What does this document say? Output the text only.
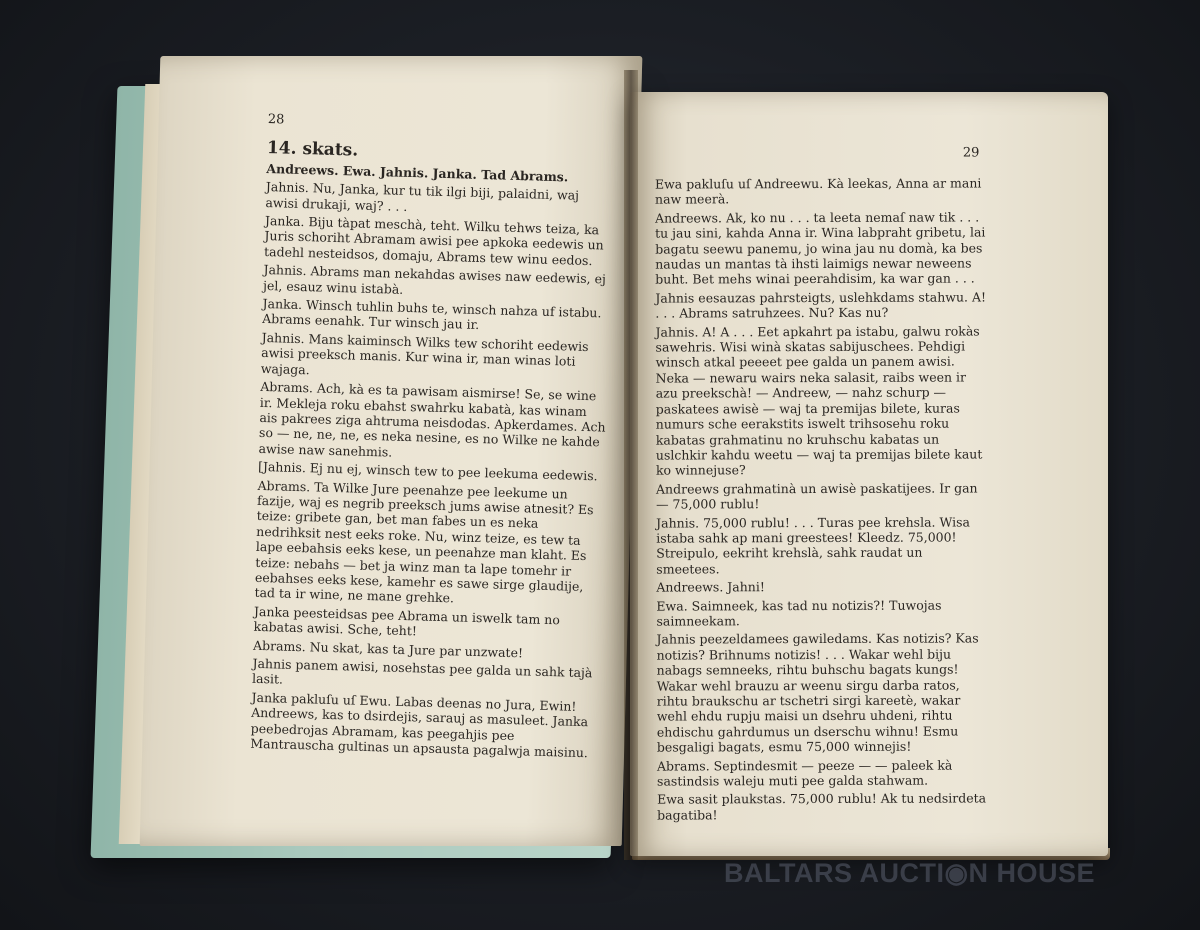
28
14. skats.

Andreews. Ewa. Jahnis. Janka. Tad Abrams.

Jahnis. Nu, Janka, kur tu tik ilgi biji, palaidni, waj awisi drukaji, waj? . . .

Janka. Biju tàpat meschà, teht. Wilku tehws teiza, ka Juris schoriht Abramam awisi pee apkoka eedewis un tadehl nesteidsos, domaju, Abrams tew winu eedos.

Jahnis. Abrams man nekahdas awises naw eedewis, ej jel, esauz winu istabà.

Janka. Winsch tuhlin buhs te, winsch nahza uf istabu. Abrams eenahk. Tur winsch jau ir.

Jahnis. Mans kaiminsch Wilks tew schoriht eedewis awisi preeksch manis. Kur wina ir, man winas loti wajaga.

Abrams. Ach, kà es ta pawisam aismirse! Se, se wine ir. Mekleja roku ebahst swahrku kabatà, kas winam ais pakrees ziga ahtruma neisdodas. Apkerdames. Ach so — ne, ne, ne, es neka nesine, es no Wilke ne kahde awise naw sanehmis.

[Jahnis. Ej nu ej, winsch tew to pee leekuma eedewis.

Abrams. Ta Wilke Jure peenahze pee leekume un fazije, waj es negrib preeksch jums awise atnesit? Es teize: gribete gan, bet man fabes un es neka nedrihksit nest eeks roke. Nu, winz teize, es tew ta lape eebahsis eeks kese, un peenahze man klaht. Es teize: nebahs — bet ja winz man ta lape tomehr ir eebahses eeks kese, kamehr es sawe sirge glaudije, tad ta ir wine, ne mane grehke.

Janka peesteidsas pee Abrama un iswelk tam no kabatas awisi. Sche, teht!

Abrams. Nu skat, kas ta Jure par unzwate!

Jahnis panem awisi, nosehstas pee galda un sahk tajà lasit.

Janka pakluſu uſ Ewu. Labas deenas no Jura, Ewin! Andreews, kas to dsirdejis, sarauj as masuleet. Janka peebedrojas Abramam, kas peegahjis pee Mantrauscha gultinas un apsausta pagalwja maisinu.

29

Ewa pakluſu uſ Andreewu. Kà leekas, Anna ar mani naw meerà.

Andreews. Ak, ko nu . . . ta leeta nemaſ naw tik . . . tu jau sini, kahda Anna ir. Wina labpraht gribetu, lai bagatu seewu panemu, jo wina jau nu domà, ka bes naudas un mantas tà ihsti laimigs newar neweens buht. Bet mehs winai peerahdisim, ka war gan . . .

Jahnis eesauzas pahrsteigts, uslehkdams stahwu. A! . . . Abrams satruhzees. Nu? Kas nu?

Jahnis. A! A . . . Eet apkahrt pa istabu, galwu rokàs sawehris. Wisi winà skatas sabijuschees. Pehdigi winsch atkal peeeet pee galda un panem awisi. Neka — newaru wairs neka salasit, raibs ween ir azu preekschà! — Andreew, — nahz schurp — paskatees awisè — waj ta premijas bilete, kuras numurs sche eerakstits iswelt trihsosehu roku kabatas grahmatinu no kruhschu kabatas un uslchkir kahdu weetu — waj ta premijas bilete kaut ko winnejuse?

Andreews grahmatinà un awisè paskatijees. Ir gan — 75,000 rublu!

Jahnis. 75,000 rublu! . . . Turas pee krehsla. Wisa istaba sahk ap mani greestees! Kleedz. 75,000! Streipulo, eekriht krehslà, sahk raudat un smeetees.

Andreews. Jahni!

Ewa. Saimneek, kas tad nu notizis?! Tuwojas saimneekam.

Jahnis peezeldamees gawiledams. Kas notizis? Kas notizis? Brihnums notizis! . . . Wakar wehl biju nabags semneeks, rihtu buhschu bagats kungs! Wakar wehl brauzu ar weenu sirgu darba ratos, rihtu braukschu ar tschetri sirgi kareetè, wakar wehl ehdu rupju maisi un dsehru uhdeni, rihtu ehdischu gahrdumus un dserschu wihnu! Esmu besgaligi bagats, esmu 75,000 winnejis!

Abrams. Septindesmit — peeze — — paleek kà sastindsis waleju muti pee galda stahwam.

Ewa sasit plaukstas. 75,000 rublu! Ak tu nedsirdeta bagatiba!

BALTARS AUCTI◉N HOUSE
